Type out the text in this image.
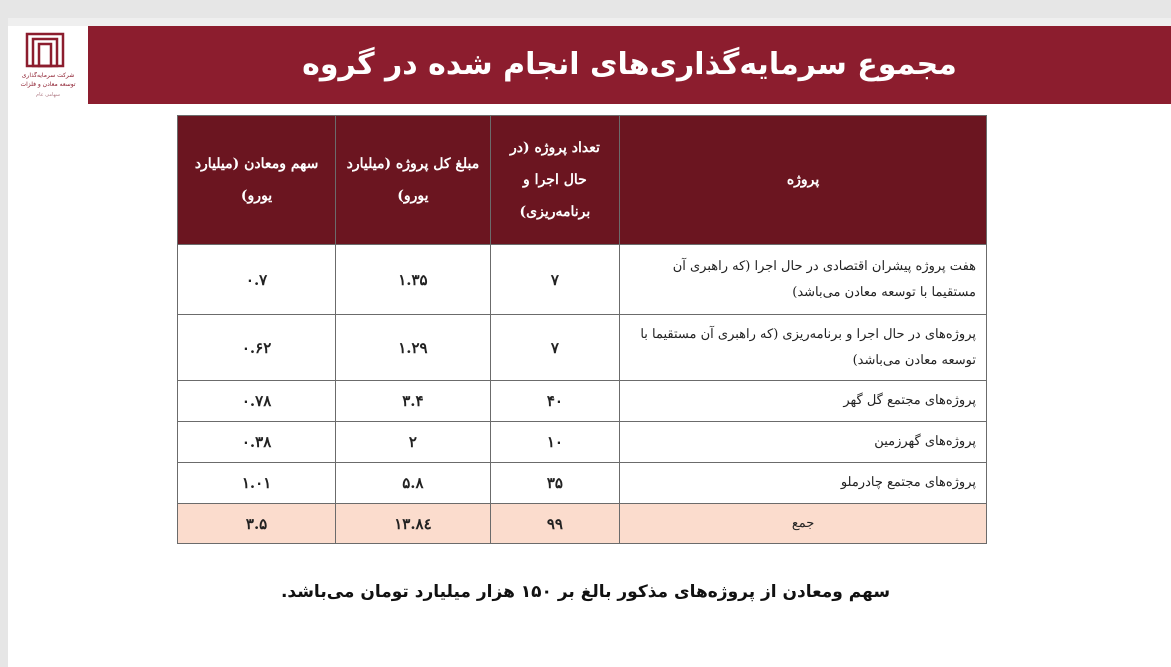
شرکت سرمایه‌گذاری
توسعه معادن و فلزات
سهامی عام
مجموع سرمایه‌گذاری‌های انجام شده در گروه
پروژه	تعداد پروژه (در حال اجرا و برنامه‌ریزی)	مبلغ کل پروژه (میلیارد یورو)	سهم ومعادن (میلیارد یورو)
هفت پروژه پیشران اقتصادی در حال اجرا (که راهبری آن مستقیما با توسعه معادن می‌باشد)	۷	۱.۳۵	۰.۷
پروژه‌های در حال اجرا و برنامه‌ریزی (که راهبری آن مستقیما با توسعه معادن می‌باشد)	۷	۱.۲۹	۰.۶۲
پروژه‌های مجتمع گل گهر	۴۰	۳.۴	۰.۷۸
پروژه‌های گهرزمین	۱۰	۲	۰.۳۸
پروژه‌های مجتمع چادرملو	۳۵	۵.۸	۱.۰۱
جمع	۹۹	۱۳.۸٤	۳.۵
سهم ومعادن از پروژه‌های مذکور بالغ بر ۱۵۰ هزار میلیارد تومان می‌باشد.
